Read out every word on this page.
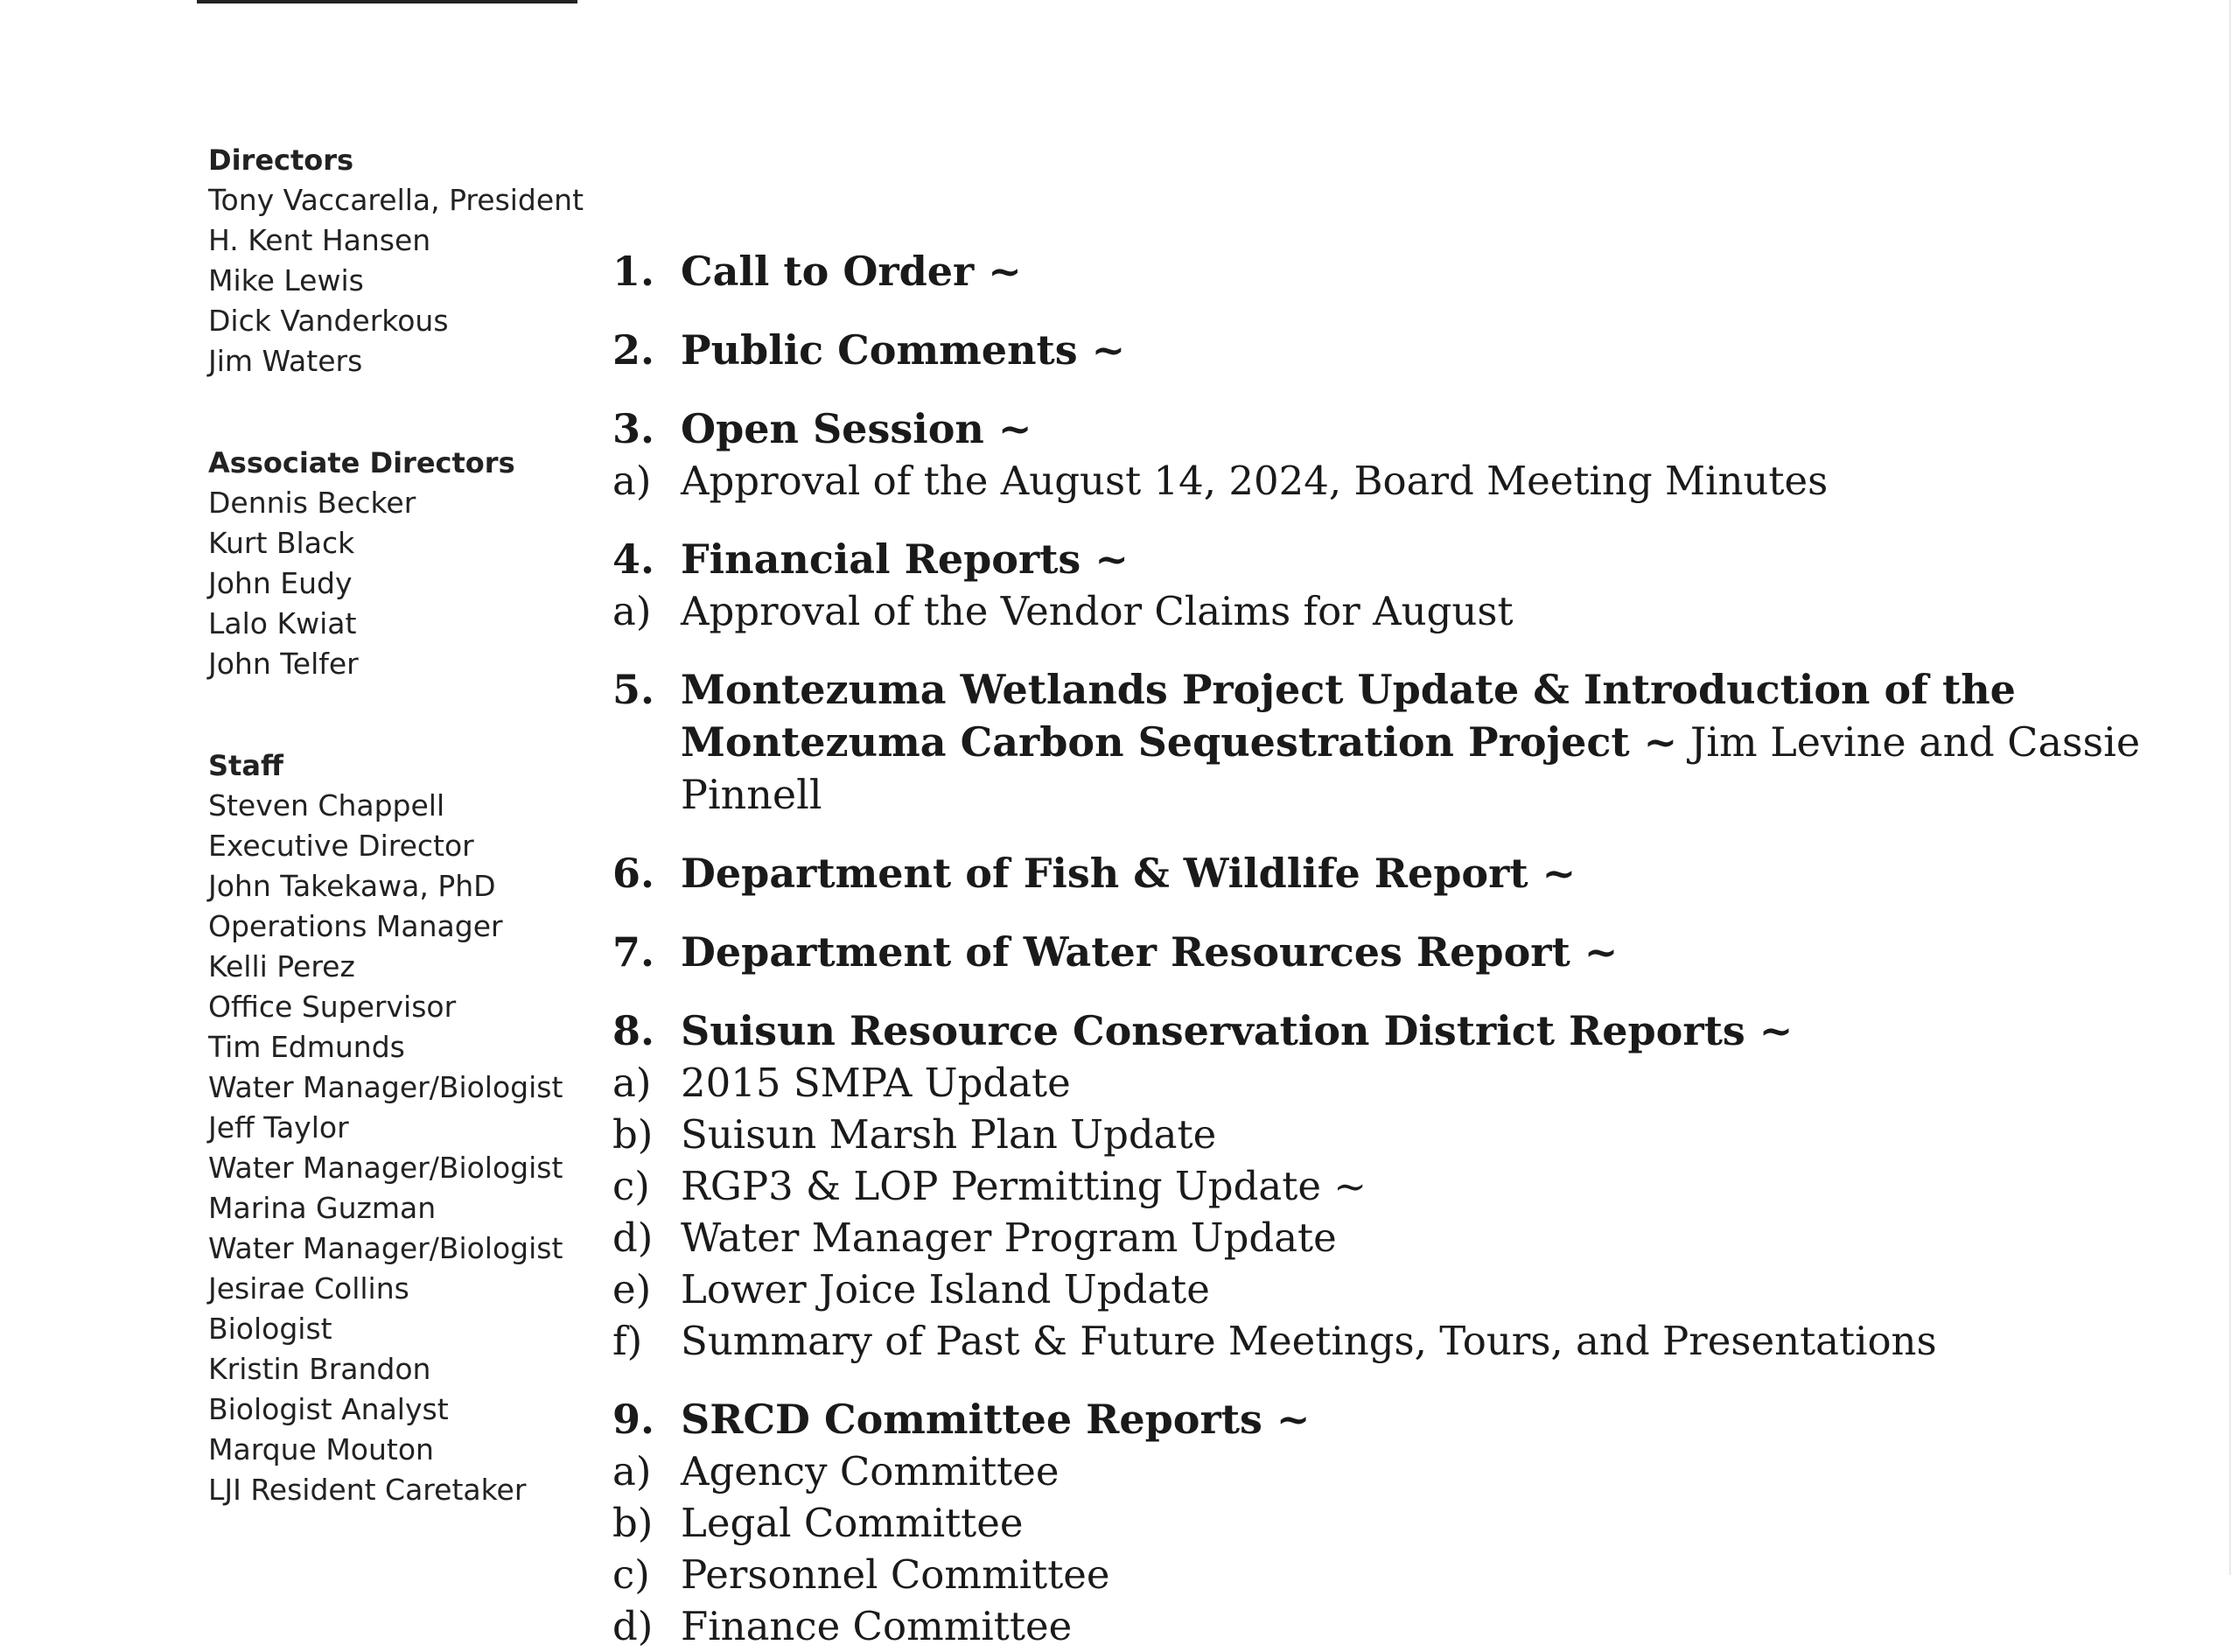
Directors
Tony Vaccarella, President
H. Kent Hansen
Mike Lewis
Dick Vanderkous
Jim Waters
Associate Directors
Dennis Becker
Kurt Black
John Eudy
Lalo Kwiat
John Telfer
Staff
Steven Chappell
Executive Director
John Takekawa, PhD
Operations Manager
Kelli Perez
Office Supervisor
Tim Edmunds
Water Manager/Biologist
Jeff Taylor
Water Manager/Biologist
Marina Guzman
Water Manager/Biologist
Jesirae Collins
Biologist
Kristin Brandon
Biologist Analyst
Marque Mouton
LJI Resident Caretaker
1. Call to Order ~
2. Public Comments ~
3. Open Session ~
a) Approval of the August 14, 2024, Board Meeting Minutes
4. Financial Reports ~
a) Approval of the Vendor Claims for August
5. Montezuma Wetlands Project Update & Introduction of the Montezuma Carbon Sequestration Project ~ Jim Levine and Cassie Pinnell
6. Department of Fish & Wildlife Report ~
7. Department of Water Resources Report ~
8. Suisun Resource Conservation District Reports ~
a) 2015 SMPA Update
b) Suisun Marsh Plan Update
c) RGP3 & LOP Permitting Update ~
d) Water Manager Program Update
e) Lower Joice Island Update
f) Summary of Past & Future Meetings, Tours, and Presentations
9. SRCD Committee Reports ~
a) Agency Committee
b) Legal Committee
c) Personnel Committee
d) Finance Committee
